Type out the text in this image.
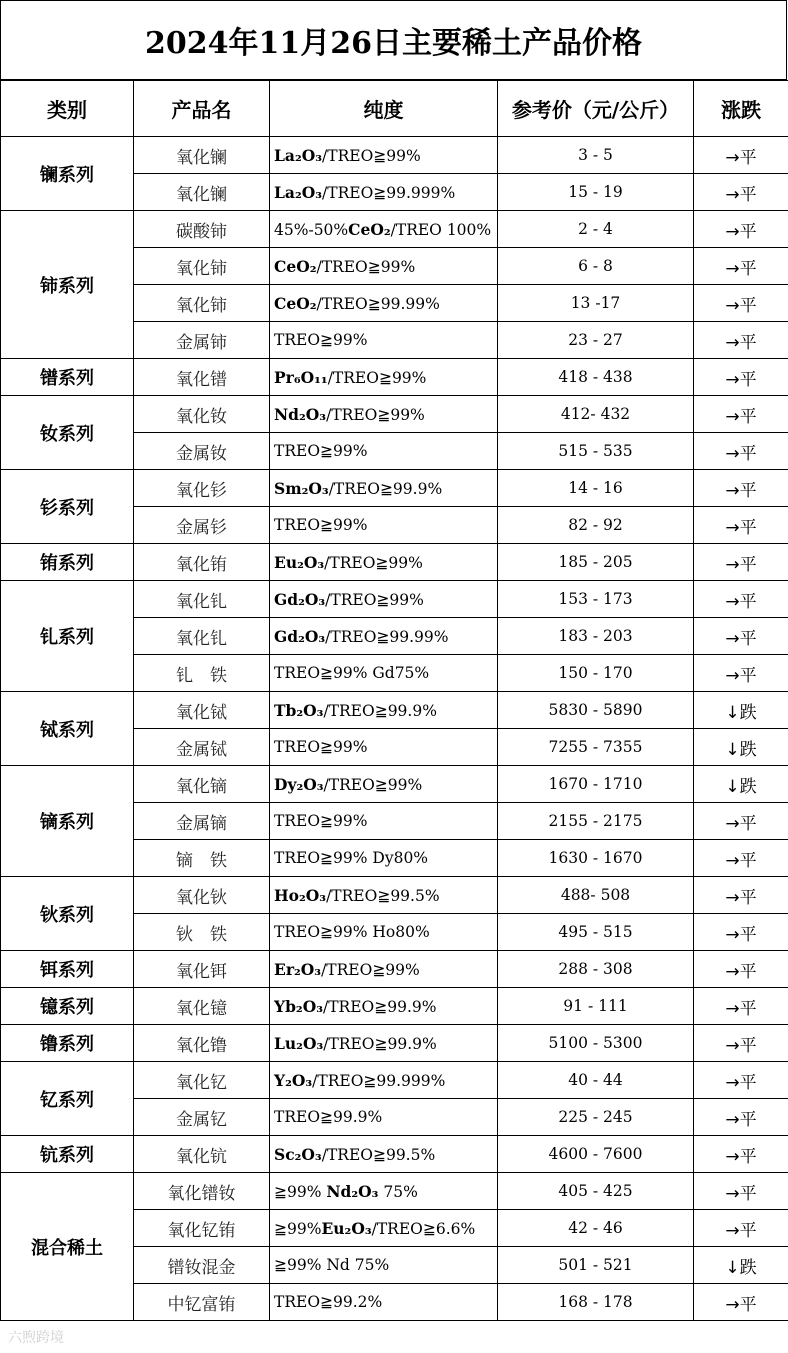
2024年11月26日主要稀土产品价格
类别	产品名	纯度	参考价（元/公斤）	涨跌
镧系列	氧化镧	La₂O₃/TREO≧99%	3 - 5	→平
	氧化镧	La₂O₃/TREO≧99.999%	15 - 19	→平
铈系列	碳酸铈	45%-50%CeO₂/TREO 100%	2 - 4	→平
	氧化铈	CeO₂/TREO≧99%	6 - 8	→平
	氧化铈	CeO₂/TREO≧99.99%	13 -17	→平
	金属铈	TREO≧99%	23 - 27	→平
镨系列	氧化镨	Pr₆O₁₁/TREO≧99%	418 - 438	→平
钕系列	氧化钕	Nd₂O₃/TREO≧99%	412- 432	→平
	金属钕	TREO≧99%	515 - 535	→平
钐系列	氧化钐	Sm₂O₃/TREO≧99.9%	14 - 16	→平
	金属钐	TREO≧99%	82 - 92	→平
铕系列	氧化铕	Eu₂O₃/TREO≧99%	185 - 205	→平
钆系列	氧化钆	Gd₂O₃/TREO≧99%	153 - 173	→平
	氧化钆	Gd₂O₃/TREO≧99.99%	183 - 203	→平
	钆　铁	TREO≧99% Gd75%	150 - 170	→平
铽系列	氧化铽	Tb₂O₃/TREO≧99.9%	5830 - 5890	↓跌
	金属铽	TREO≧99%	7255 - 7355	↓跌
镝系列	氧化镝	Dy₂O₃/TREO≧99%	1670 - 1710	↓跌
	金属镝	TREO≧99%	2155 - 2175	→平
	镝　铁	TREO≧99% Dy80%	1630 - 1670	→平
钬系列	氧化钬	Ho₂O₃/TREO≧99.5%	488- 508	→平
	钬　铁	TREO≧99% Ho80%	495 - 515	→平
铒系列	氧化铒	Er₂O₃/TREO≧99%	288 - 308	→平
镱系列	氧化镱	Yb₂O₃/TREO≧99.9%	91 - 111	→平
镥系列	氧化镥	Lu₂O₃/TREO≧99.9%	5100 - 5300	→平
钇系列	氧化钇	Y₂O₃/TREO≧99.999%	40 - 44	→平
	金属钇	TREO≧99.9%	225 - 245	→平
钪系列	氧化钪	Sc₂O₃/TREO≧99.5%	4600 - 7600	→平
混合稀土	氧化镨钕	≧99% Nd₂O₃ 75%	405 - 425	→平
	氧化钇铕	≧99%Eu₂O₃/TREO≧6.6%	42 - 46	→平
	镨钕混金	≧99% Nd 75%	501 - 521	↓跌
	中钇富铕	TREO≧99.2%	168 - 178	→平
六煦跨境
